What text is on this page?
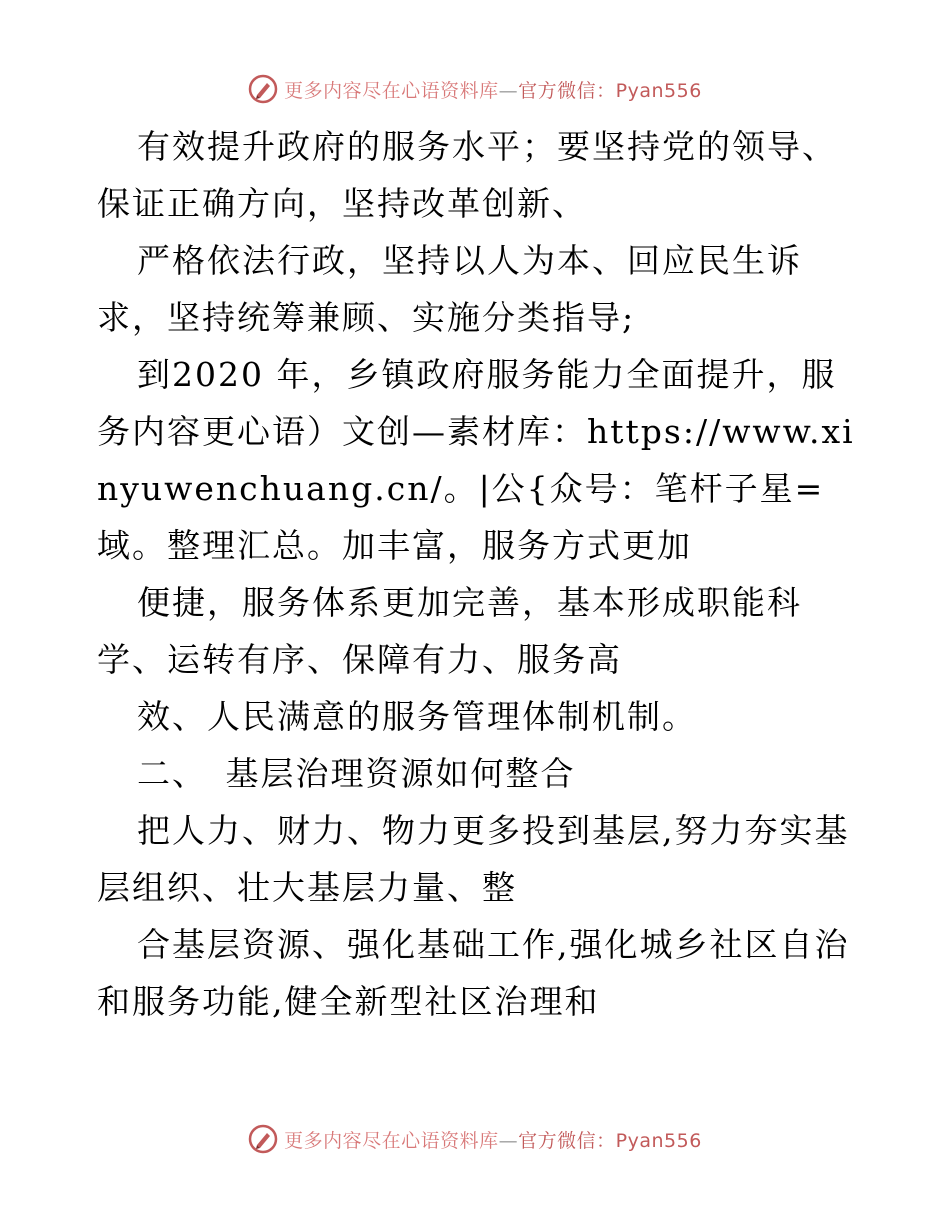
更多内容尽在心语资料库—官方微信：Pyan556

有效提升政府的服务水平；要坚持党的领导、保证正确方向，坚持改革创新、

严格依法行政，坚持以人为本、回应民生诉求，坚持统筹兼顾、实施分类指导;

到2020 年，乡镇政府服务能力全面提升，服务内容更心语）文创—素材库：https://www.xinyuwenchuang.cn/。|公{众号：笔杆子星=域。整理汇总。加丰富，服务方式更加

便捷，服务体系更加完善，基本形成职能科学、运转有序、保障有力、服务高

效、人民满意的服务管理体制机制。

二、　基层治理资源如何整合

把人力、财力、物力更多投到基层,努力夯实基层组织、壮大基层力量、整

合基层资源、强化基础工作,强化城乡社区自治和服务功能,健全新型社区治理和

更多内容尽在心语资料库—官方微信：Pyan556
